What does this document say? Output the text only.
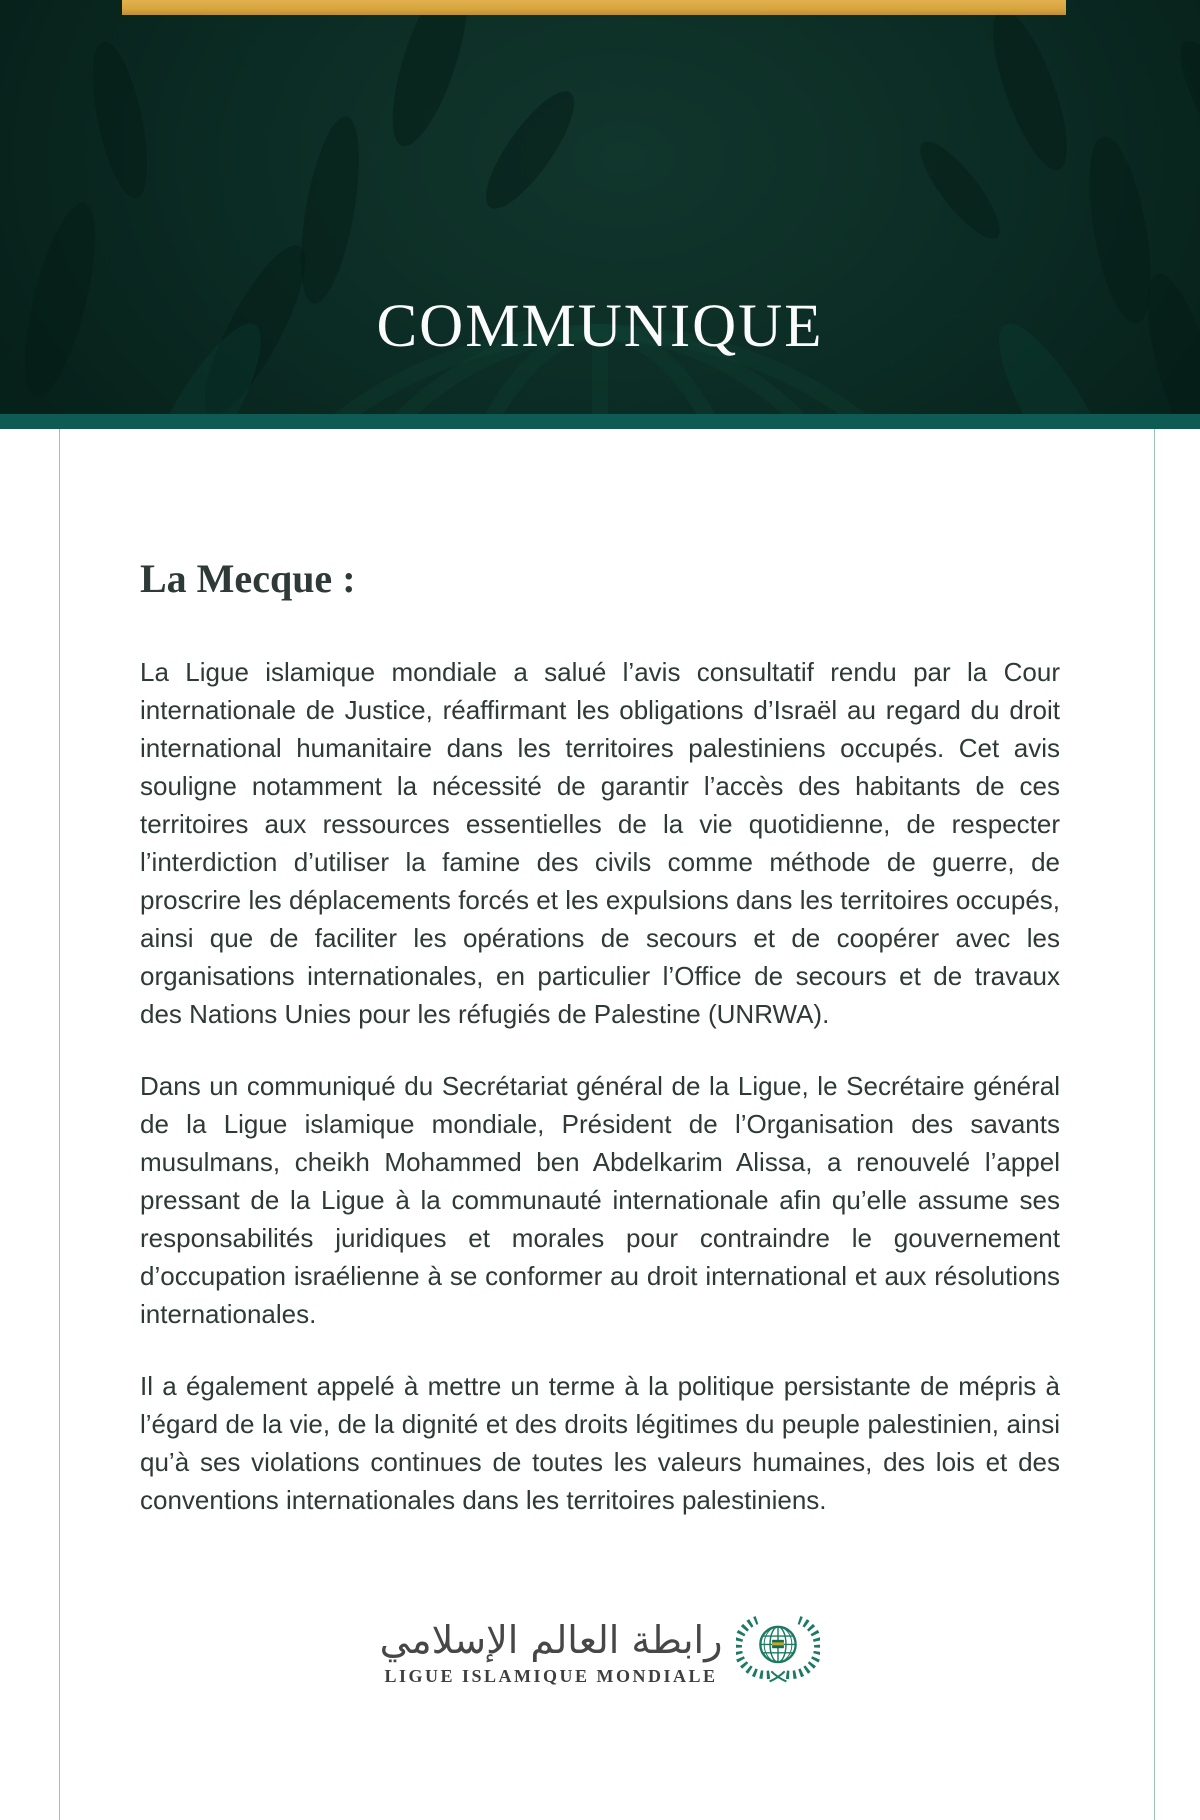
COMMUNIQUE
La Mecque :

La Ligue islamique mondiale a salué l’avis consultatif rendu par la Cour internationale de Justice, réaffirmant les obligations d’Israël au regard du droit international humanitaire dans les territoires palestiniens occupés. Cet avis souligne notamment la nécessité de garantir l’accès des habitants de ces territoires aux ressources essentielles de la vie quotidienne, de respecter l’interdiction d’utiliser la famine des civils comme méthode de guerre, de proscrire les déplacements forcés et les expulsions dans les territoires occupés, ainsi que de faciliter les opérations de secours et de coopérer avec les organisations internationales, en particulier l’Office de secours et de travaux des Nations Unies pour les réfugiés de Palestine (UNRWA).

Dans un communiqué du Secrétariat général de la Ligue, le Secrétaire général de la Ligue islamique mondiale, Président de l’Organisation des savants musulmans, cheikh Mohammed ben Abdelkarim Alissa, a renouvelé l’appel pressant de la Ligue à la communauté internationale afin qu’elle assume ses responsabilités juridiques et morales pour contraindre le gouvernement d’occupation israélienne à se conformer au droit international et aux résolutions internationales.

Il a également appelé à mettre un terme à la politique persistante de mépris à l’égard de la vie, de la dignité et des droits légitimes du peuple palestinien, ainsi qu’à ses violations continues de toutes les valeurs humaines, des lois et des conventions internationales dans les territoires palestiniens.

رابطة العالم الإسلامي
LIGUE ISLAMIQUE MONDIALE
